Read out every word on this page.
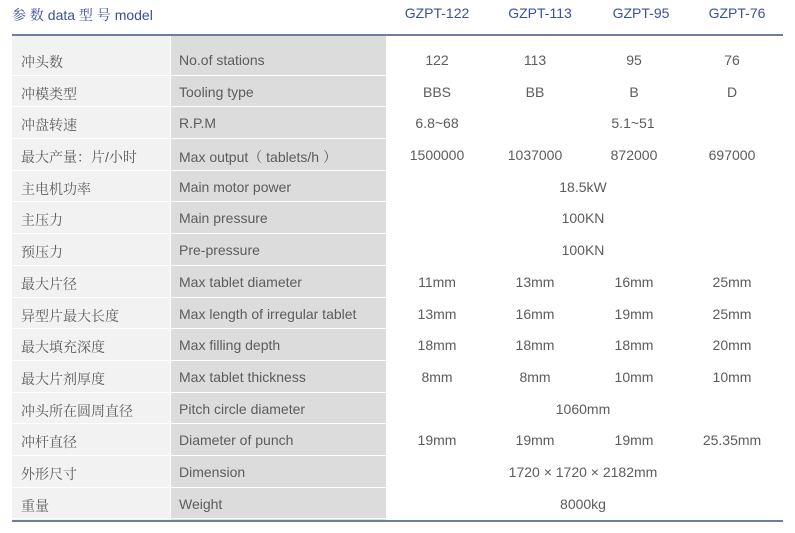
参 数 data 型 号 model	GZPT-122	GZPT-113	GZPT-95	GZPT-76
冲头数	No.of stations	122	113	95	76
冲模类型	Tooling type	BBS	BB	B	D
冲盘转速	R.P.M	6.8~68	5.1~51
最大产量：片/小时	Max output（ tablets/h ）	1500000	1037000	872000	697000
主电机功率	Main motor power	18.5kW
主压力	Main pressure	100KN
预压力	Pre-pressure	100KN
最大片径	Max tablet diameter	11mm	13mm	16mm	25mm
异型片最大长度	Max length of irregular tablet	13mm	16mm	19mm	25mm
最大填充深度	Max filling depth	18mm	18mm	18mm	20mm
最大片剂厚度	Max tablet thickness	8mm	8mm	10mm	10mm
冲头所在圆周直径	Pitch circle diameter	1060mm
冲杆直径	Diameter of punch	19mm	19mm	19mm	25.35mm
外形尺寸	Dimension	1720 × 1720 × 2182mm
重量	Weight	8000kg
